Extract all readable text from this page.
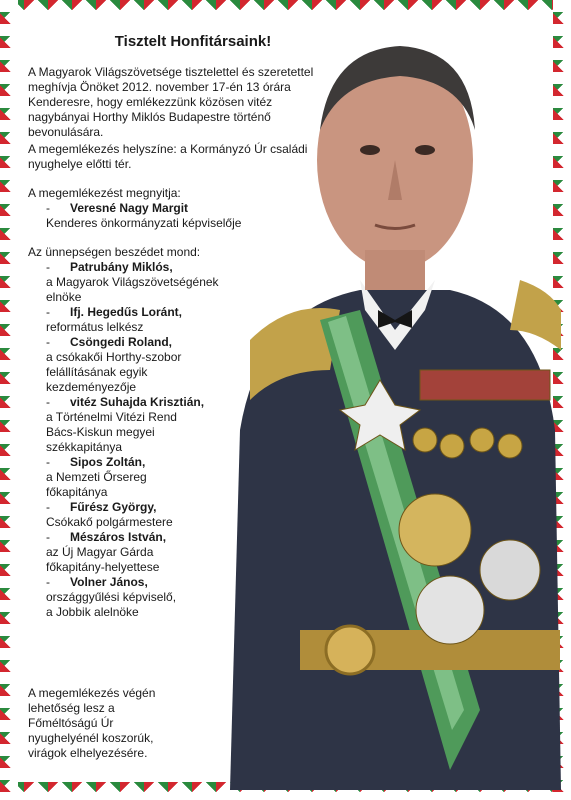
Tisztelt Honfitársaink!
A Magyarok Világszövetsége tisztelettel és szeretettel
meghívja Önöket 2012. november 17-én 13 órára
Kenderesre, hogy emlékezzünk közösen vitéz
nagybányai Horthy Miklós Budapestre történő
bevonulására.
A megemlékezés helyszíne: a Kormányzó Úr családi
nyughelye előtti tér.
A megemlékezést megnyitja:
- Veresné Nagy Margit
Kenderes önkormányzati képviselője
Az ünnepségen beszédet mond:
- Patrubány Miklós,
a Magyarok Világszövetségének
elnöke
- Ifj. Hegedűs Loránt,
református lelkész
- Csöngedi Roland,
a csókakői Horthy-szobor
felállításának egyik
kezdeményezője
- vitéz Suhajda Krisztián,
a Történelmi Vitézi Rend
Bács-Kiskun megyei
székkapitánya
- Sipos Zoltán,
a Nemzeti Őrsereg
főkapitánya
- Fűrész György,
Csókakő polgármestere
- Mészáros István,
az Új Magyar Gárda
főkapitány-helyettese
- Volner János,
országgyűlési képviselő,
a Jobbik alelnöke
A megemlékezés végén
lehetőség lesz a
Főméltóságú Úr
nyughelyénél koszorúk,
virágok elhelyezésére.
